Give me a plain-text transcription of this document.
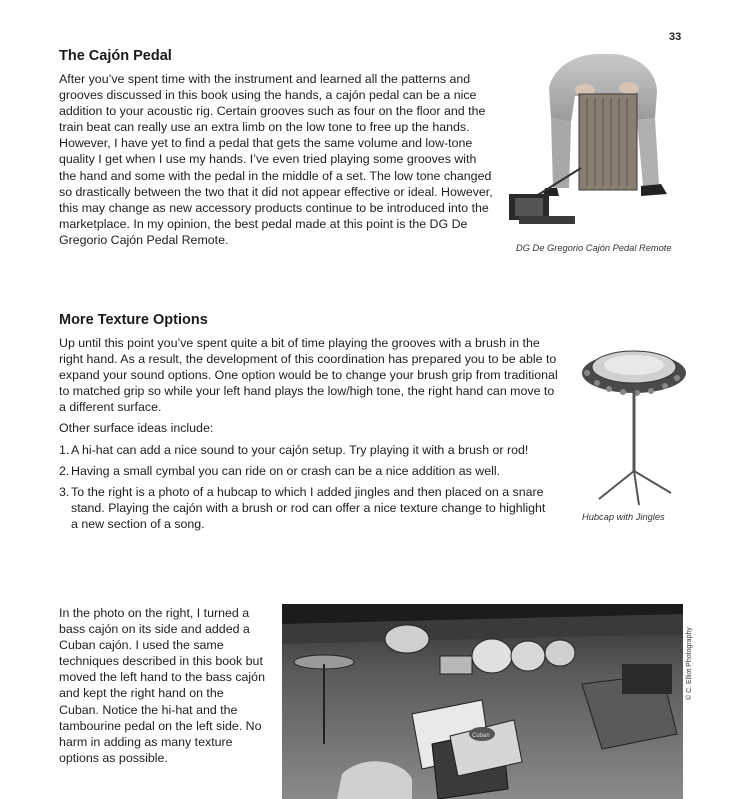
33
The Cajón Pedal

After you’ve spent time with the instrument and learned all the patterns and grooves discussed in this book using the hands, a cajón pedal can be a nice addition to your acoustic rig. Certain grooves such as four on the floor and the train beat can really use an extra limb on the low tone to free up the hands. However, I have yet to find a pedal that gets the same volume and low-tone quality I get when I use my hands. I’ve even tried playing some grooves with the hand and some with the pedal in the middle of a set. The low tone changed so drastically between the two that it did not appear effective or ideal. However, this may change as new accessory products continue to be introduced into the marketplace. In my opinion, the best pedal made at this point is the DG De Gregorio Cajón Pedal Remote.

DG De Gregorio Cajón Pedal Remote
More Texture Options

Up until this point you’ve spent quite a bit of time playing the grooves with a brush in the right hand. As a result, the development of this coordination has prepared you to be able to expand your sound options. One option would be to change your brush grip from traditional to matched grip so while your left hand plays the low/high tone, the right hand can move to a different surface.

Other surface ideas include:

1. A hi-hat can add a nice sound to your cajón setup. Try playing it with a brush or rod!
2. Having a small cymbal you can ride on or crash can be a nice addition as well.
3. To the right is a photo of a hubcap to which I added jingles and then placed on a snare stand. Playing the cajón with a brush or rod can offer a nice texture change to highlight a new section of a song.	Hubcap with Jingles

In the photo on the right, I turned a bass cajón on its side and added a Cuban cajón. I used the same techniques described in this book but moved the left hand to the bass cajón and kept the right hand on the Cuban. Notice the hi-hat and the tambourine pedal on the left side. No harm in adding as many texture options as possible.

Cuban
© C. Elliot Photography
